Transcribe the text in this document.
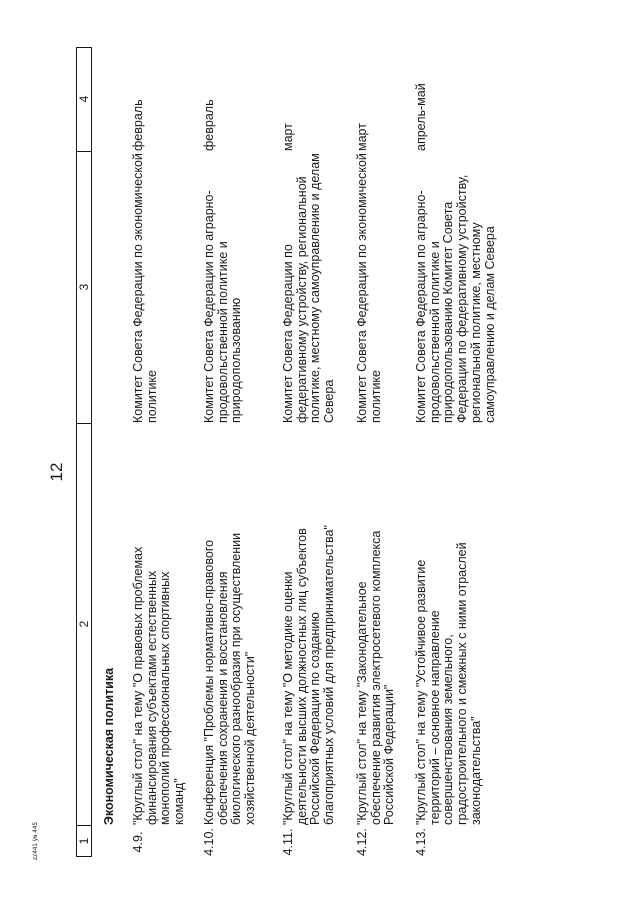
12
zz441 ÿѳ 445	1
2
3
4
Экономическая политика
4.9.
"Круглый стол" на тему "О правовых проблемах финансирования субъектами естественных монополий профессиональных спортивных команд"
Комитет Совета Федерации по экономической политике
февраль
4.10.
Конференция "Проблемы нормативно-правового обеспечения сохранения и восстановления биологического разнообразия при осуществлении хозяйственной деятельности"
Комитет Совета Федерации по аграрно-продовольственной политике и природопользованию
февраль
4.11.
"Круглый стол" на тему "О методике оценки деятельности высших должностных лиц субъектов Российской Федерации по созданию благоприятных условий для предпринимательства"
Комитет Совета Федерации по федеративному устройству, региональной политике, местному самоуправлению и делам Севера
март
4.12.
"Круглый стол" на тему "Законодательное обеспечение развития электросетевого комплекса Российской Федерации"
Комитет Совета Федерации по экономической политике
март
4.13.
"Круглый стол" на тему "Устойчивое развитие территорий – основное направление совершенствования земельного, градостроительного и смежных с ними отраслей законодательства"
Комитет Совета Федерации по аграрно-продовольственной политике и природопользованию Комитет Совета Федерации по федеративному устройству, региональной политике, местному самоуправлению и делам Севера
апрель-май
